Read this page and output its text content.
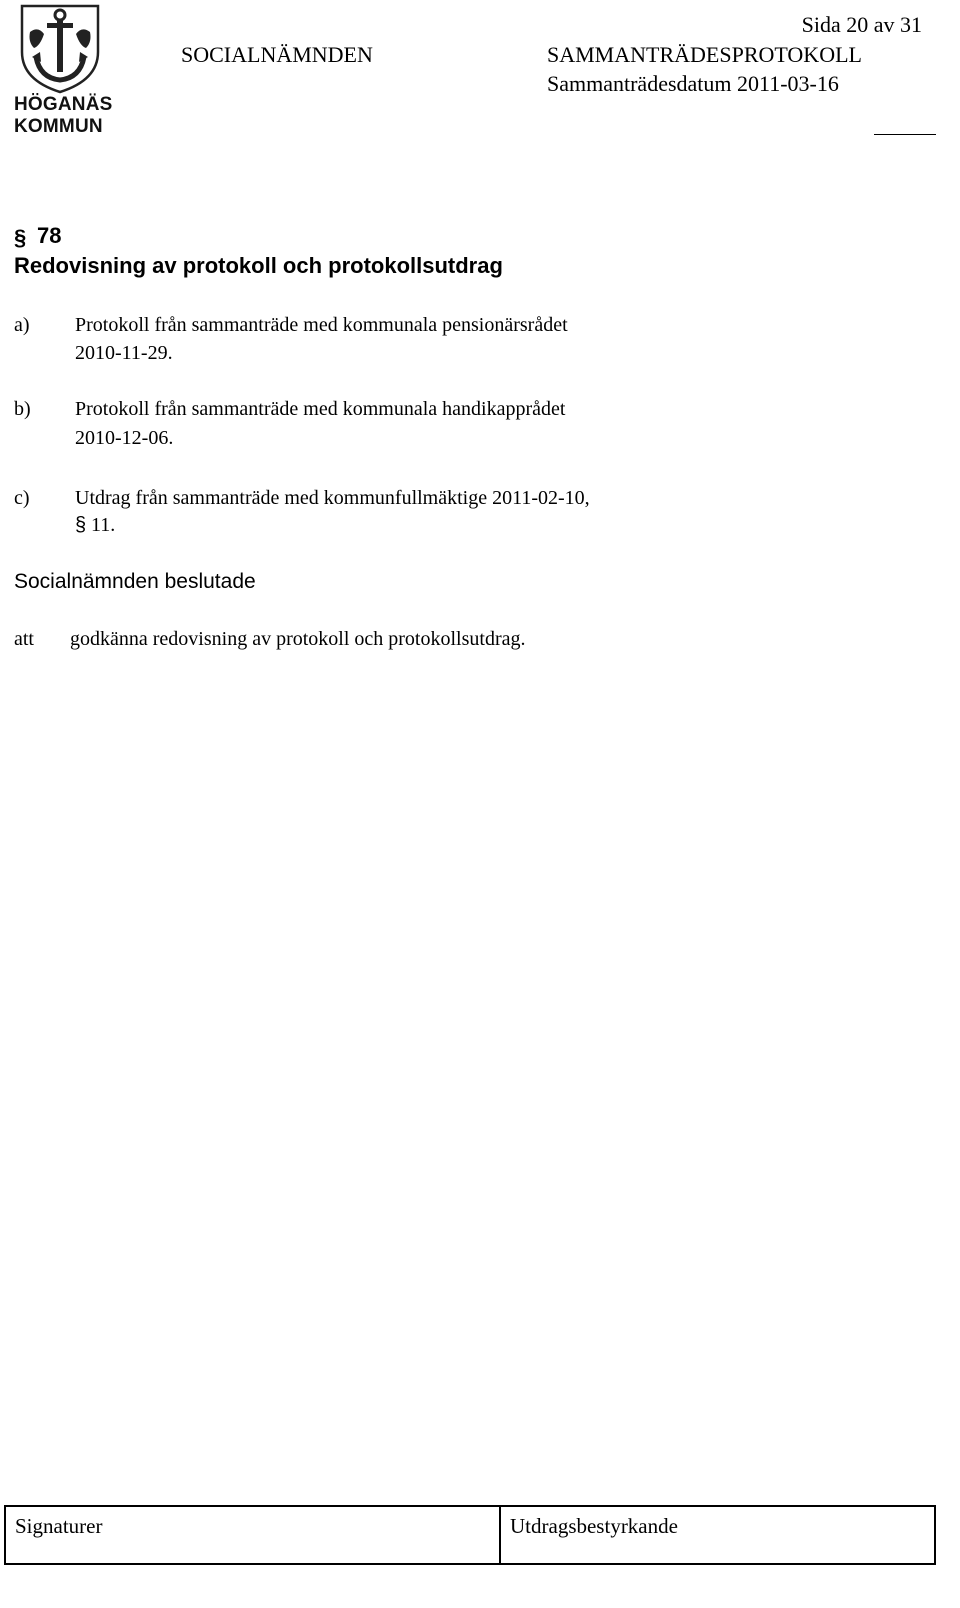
HÖGANÄS
KOMMUN
Sida 20 av 31
SOCIALNÄMNDEN	SAMMANTRÄDESPROTOKOLL
Sammanträdesdatum 2011-03-16
§ 78
Redovisning av protokoll och protokollsutdrag
a) Protokoll från sammanträde med kommunala pensionärsrådet
2010-11-29.
b) Protokoll från sammanträde med kommunala handikapprådet
2010-12-06.
c) Utdrag från sammanträde med kommunfullmäktige 2011-02-10,
§ 11.
Socialnämnden beslutade
att godkänna redovisning av protokoll och protokollsutdrag.
Signaturer	Utdragsbestyrkande
